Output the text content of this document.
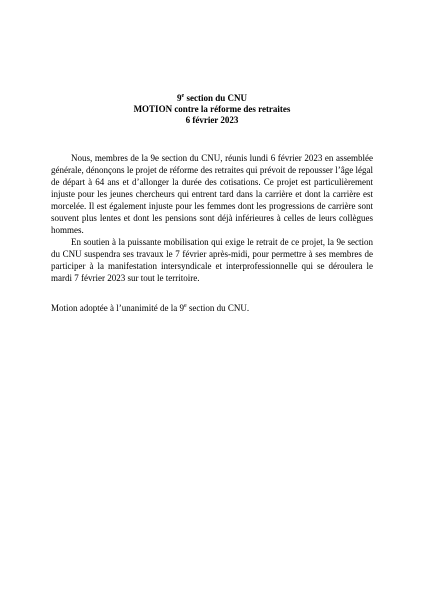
9e section du CNU
MOTION contre la réforme des retraites
6 février 2023

Nous, membres de la 9e section du CNU, réunis lundi 6 février 2023 en assemblée générale, dénonçons le projet de réforme des retraites qui prévoit de repousser l’âge légal de départ à 64 ans et d’allonger la durée des cotisations. Ce projet est particulièrement injuste pour les jeunes chercheurs qui entrent tard dans la carrière et dont la carrière est morcelée. Il est également injuste pour les femmes dont les progressions de carrière sont souvent plus lentes et dont les pensions sont déjà inférieures à celles de leurs collègues hommes.

En soutien à la puissante mobilisation qui exige le retrait de ce projet, la 9e section du CNU suspendra ses travaux le 7 février après-midi, pour permettre à ses membres de participer à la manifestation intersyndicale et interprofessionnelle qui se déroulera le mardi 7 février 2023 sur tout le territoire.

Motion adoptée à l’unanimité de la 9e section du CNU.
